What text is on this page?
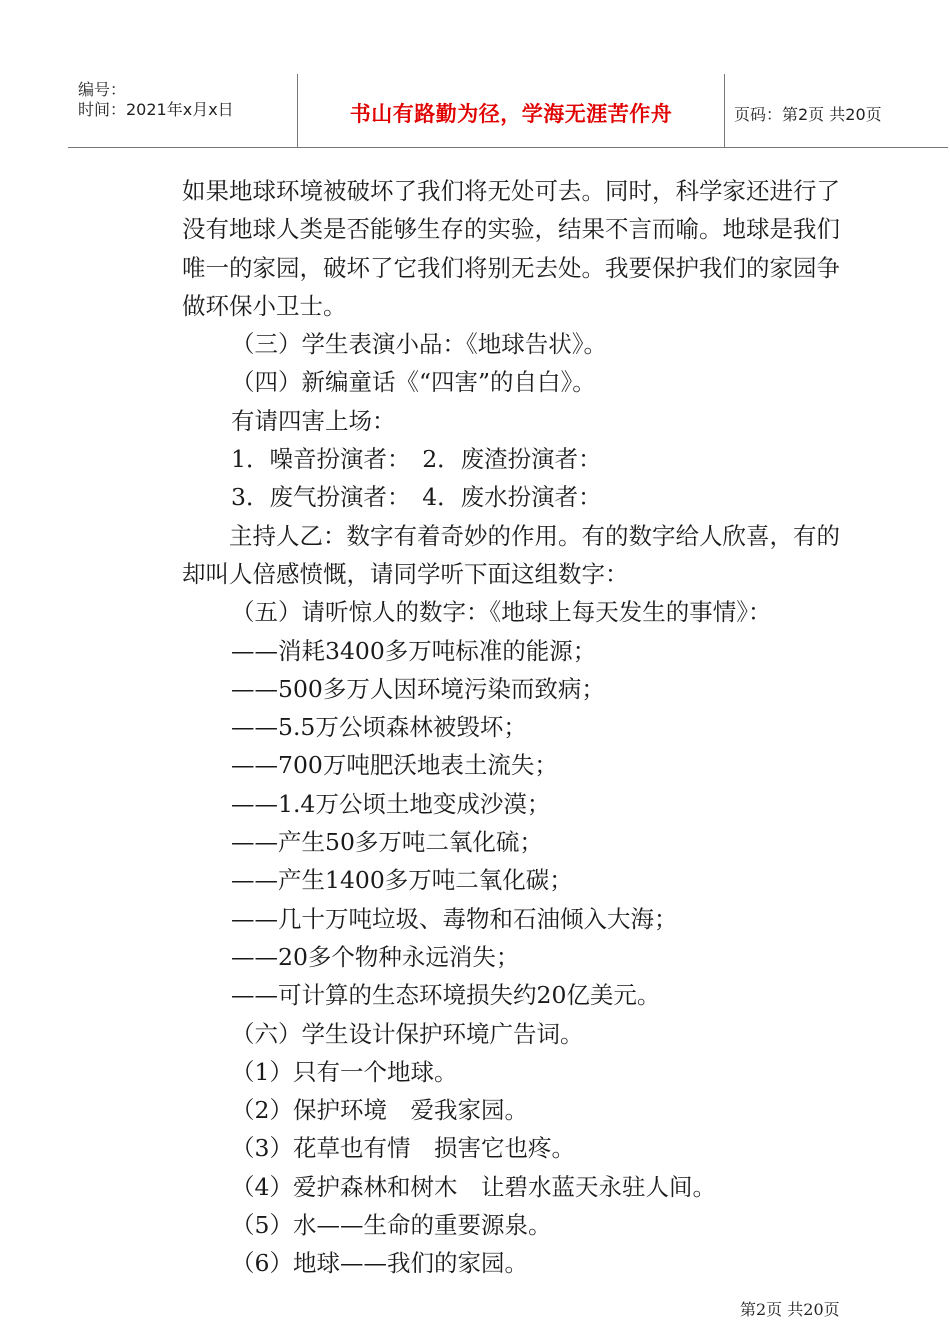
编号：
时间：2021年x月x日	书山有路勤为径，学海无涯苦作舟	页码：第2页 共20页

如果地球环境被破坏了我们将无处可去。同时，科学家还进行了没有地球人类是否能够生存的实验，结果不言而喻。地球是我们唯一的家园，破坏了它我们将别无去处。我要保护我们的家园争做环保小卫士。

（三）学生表演小品：《地球告状》。

（四）新编童话《“四害”的自白》。

有请四害上场：

1．噪音扮演者：　2．废渣扮演者：

3．废气扮演者：　4．废水扮演者：

主持人乙：数字有着奇妙的作用。有的数字给人欣喜，有的却叫人倍感愤慨，请同学听下面这组数字：

（五）请听惊人的数字：《地球上每天发生的事情》：

——消耗3400多万吨标准的能源；

——500多万人因环境污染而致病；

——5.5万公顷森林被毁坏；

——700万吨肥沃地表土流失；

——1.4万公顷土地变成沙漠；

——产生50多万吨二氧化硫；

——产生1400多万吨二氧化碳；

——几十万吨垃圾、毒物和石油倾入大海；

——20多个物种永远消失；

——可计算的生态环境损失约20亿美元。

（六）学生设计保护环境广告词。

（1）只有一个地球。

（2）保护环境　爱我家园。

（3）花草也有情　损害它也疼。

（4）爱护森林和树木　让碧水蓝天永驻人间。

（5）水——生命的重要源泉。

（6）地球——我们的家园。

第2页 共20页
